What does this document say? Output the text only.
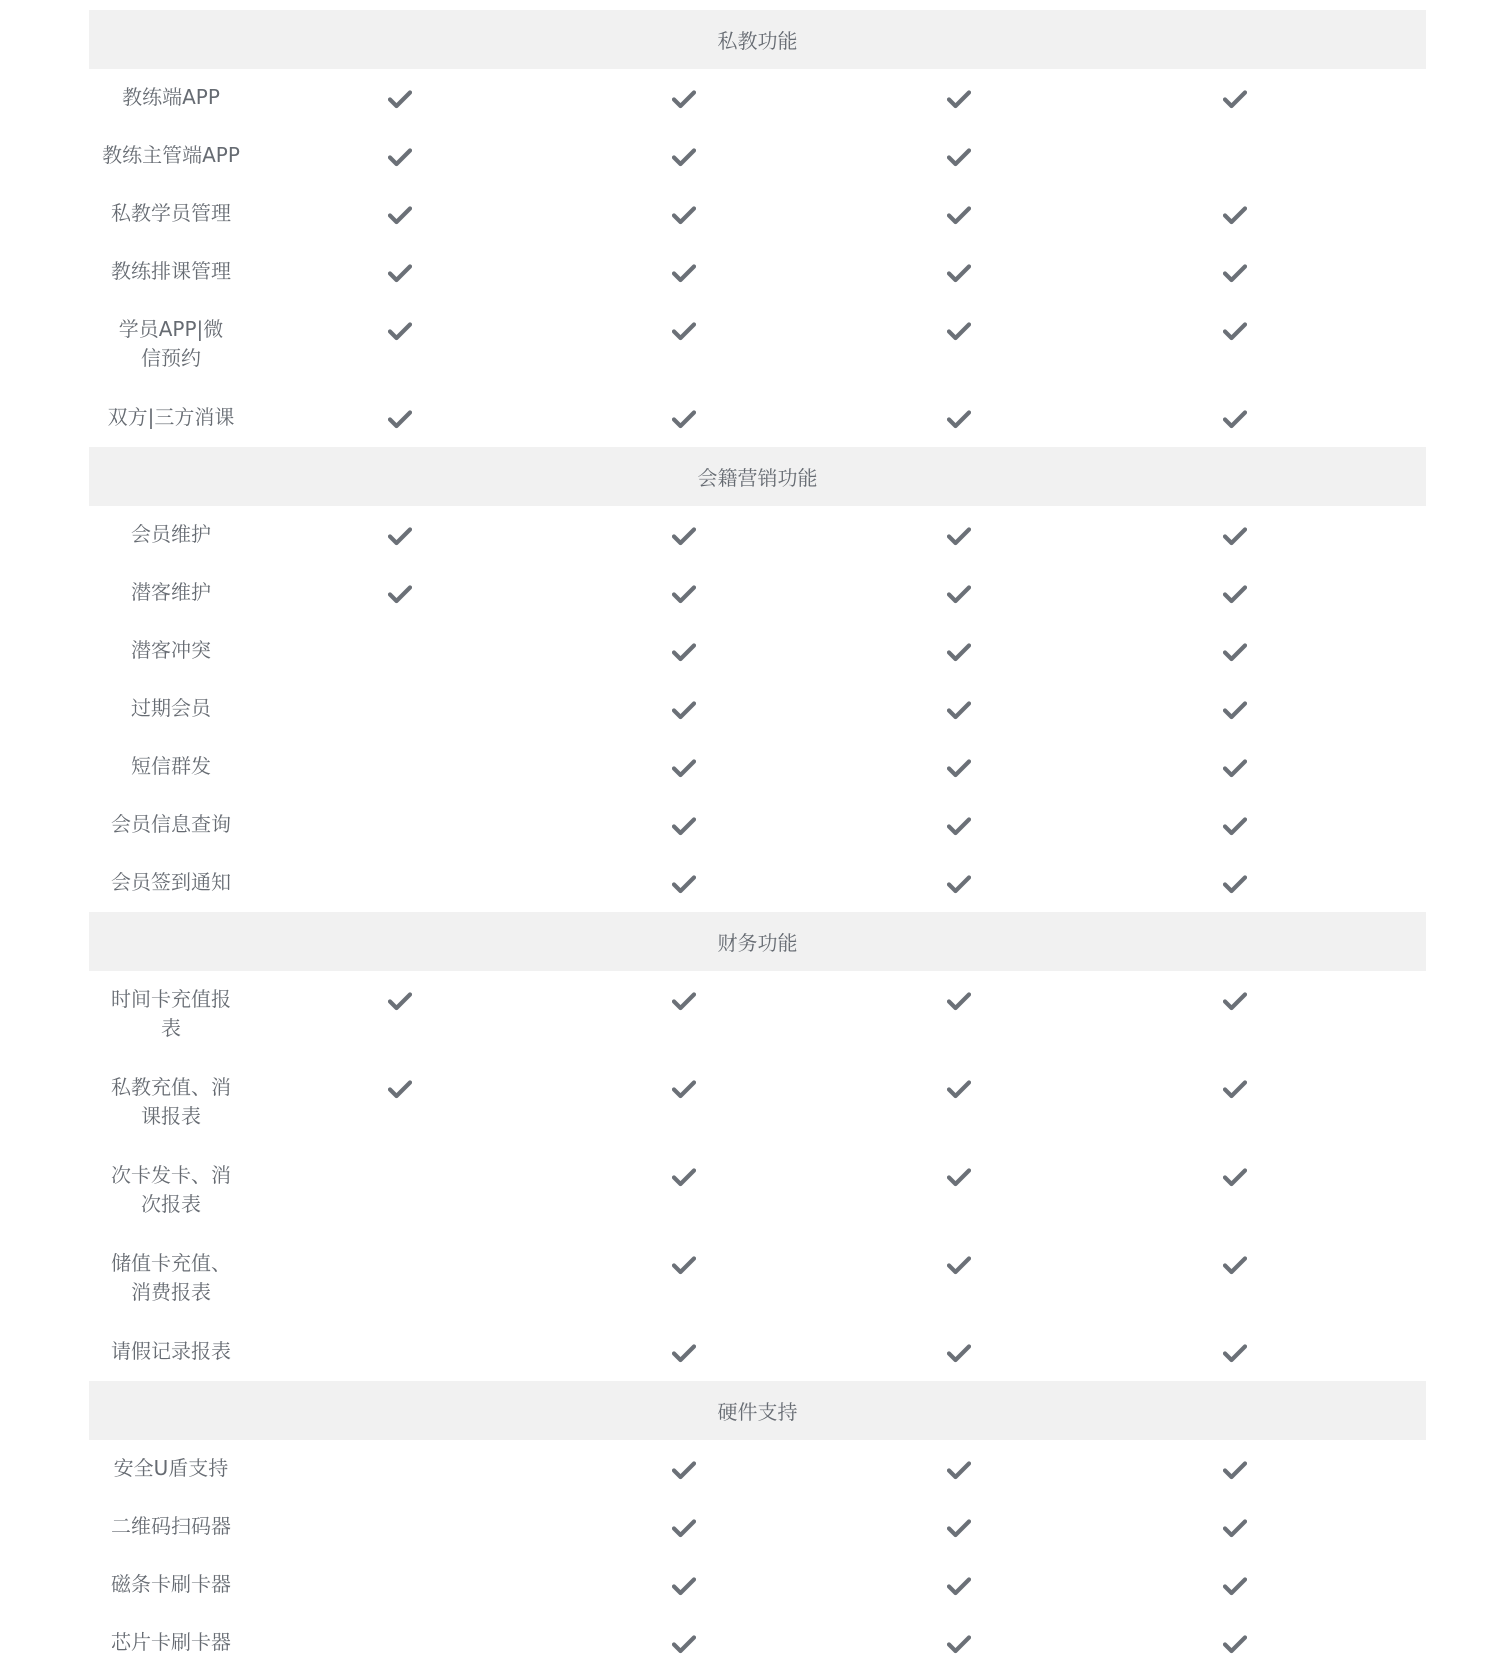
私教功能
教练端APP
教练主管端APP
私教学员管理
教练排课管理
学员APP|微信预约
双方|三方消课
会籍营销功能
会员维护
潜客维护
潜客冲突
过期会员
短信群发
会员信息查询
会员签到通知
财务功能
时间卡充值报表
私教充值、消课报表
次卡发卡、消次报表
储值卡充值、消费报表
请假记录报表
硬件支持
安全U盾支持
二维码扫码器
磁条卡刷卡器
芯片卡刷卡器
